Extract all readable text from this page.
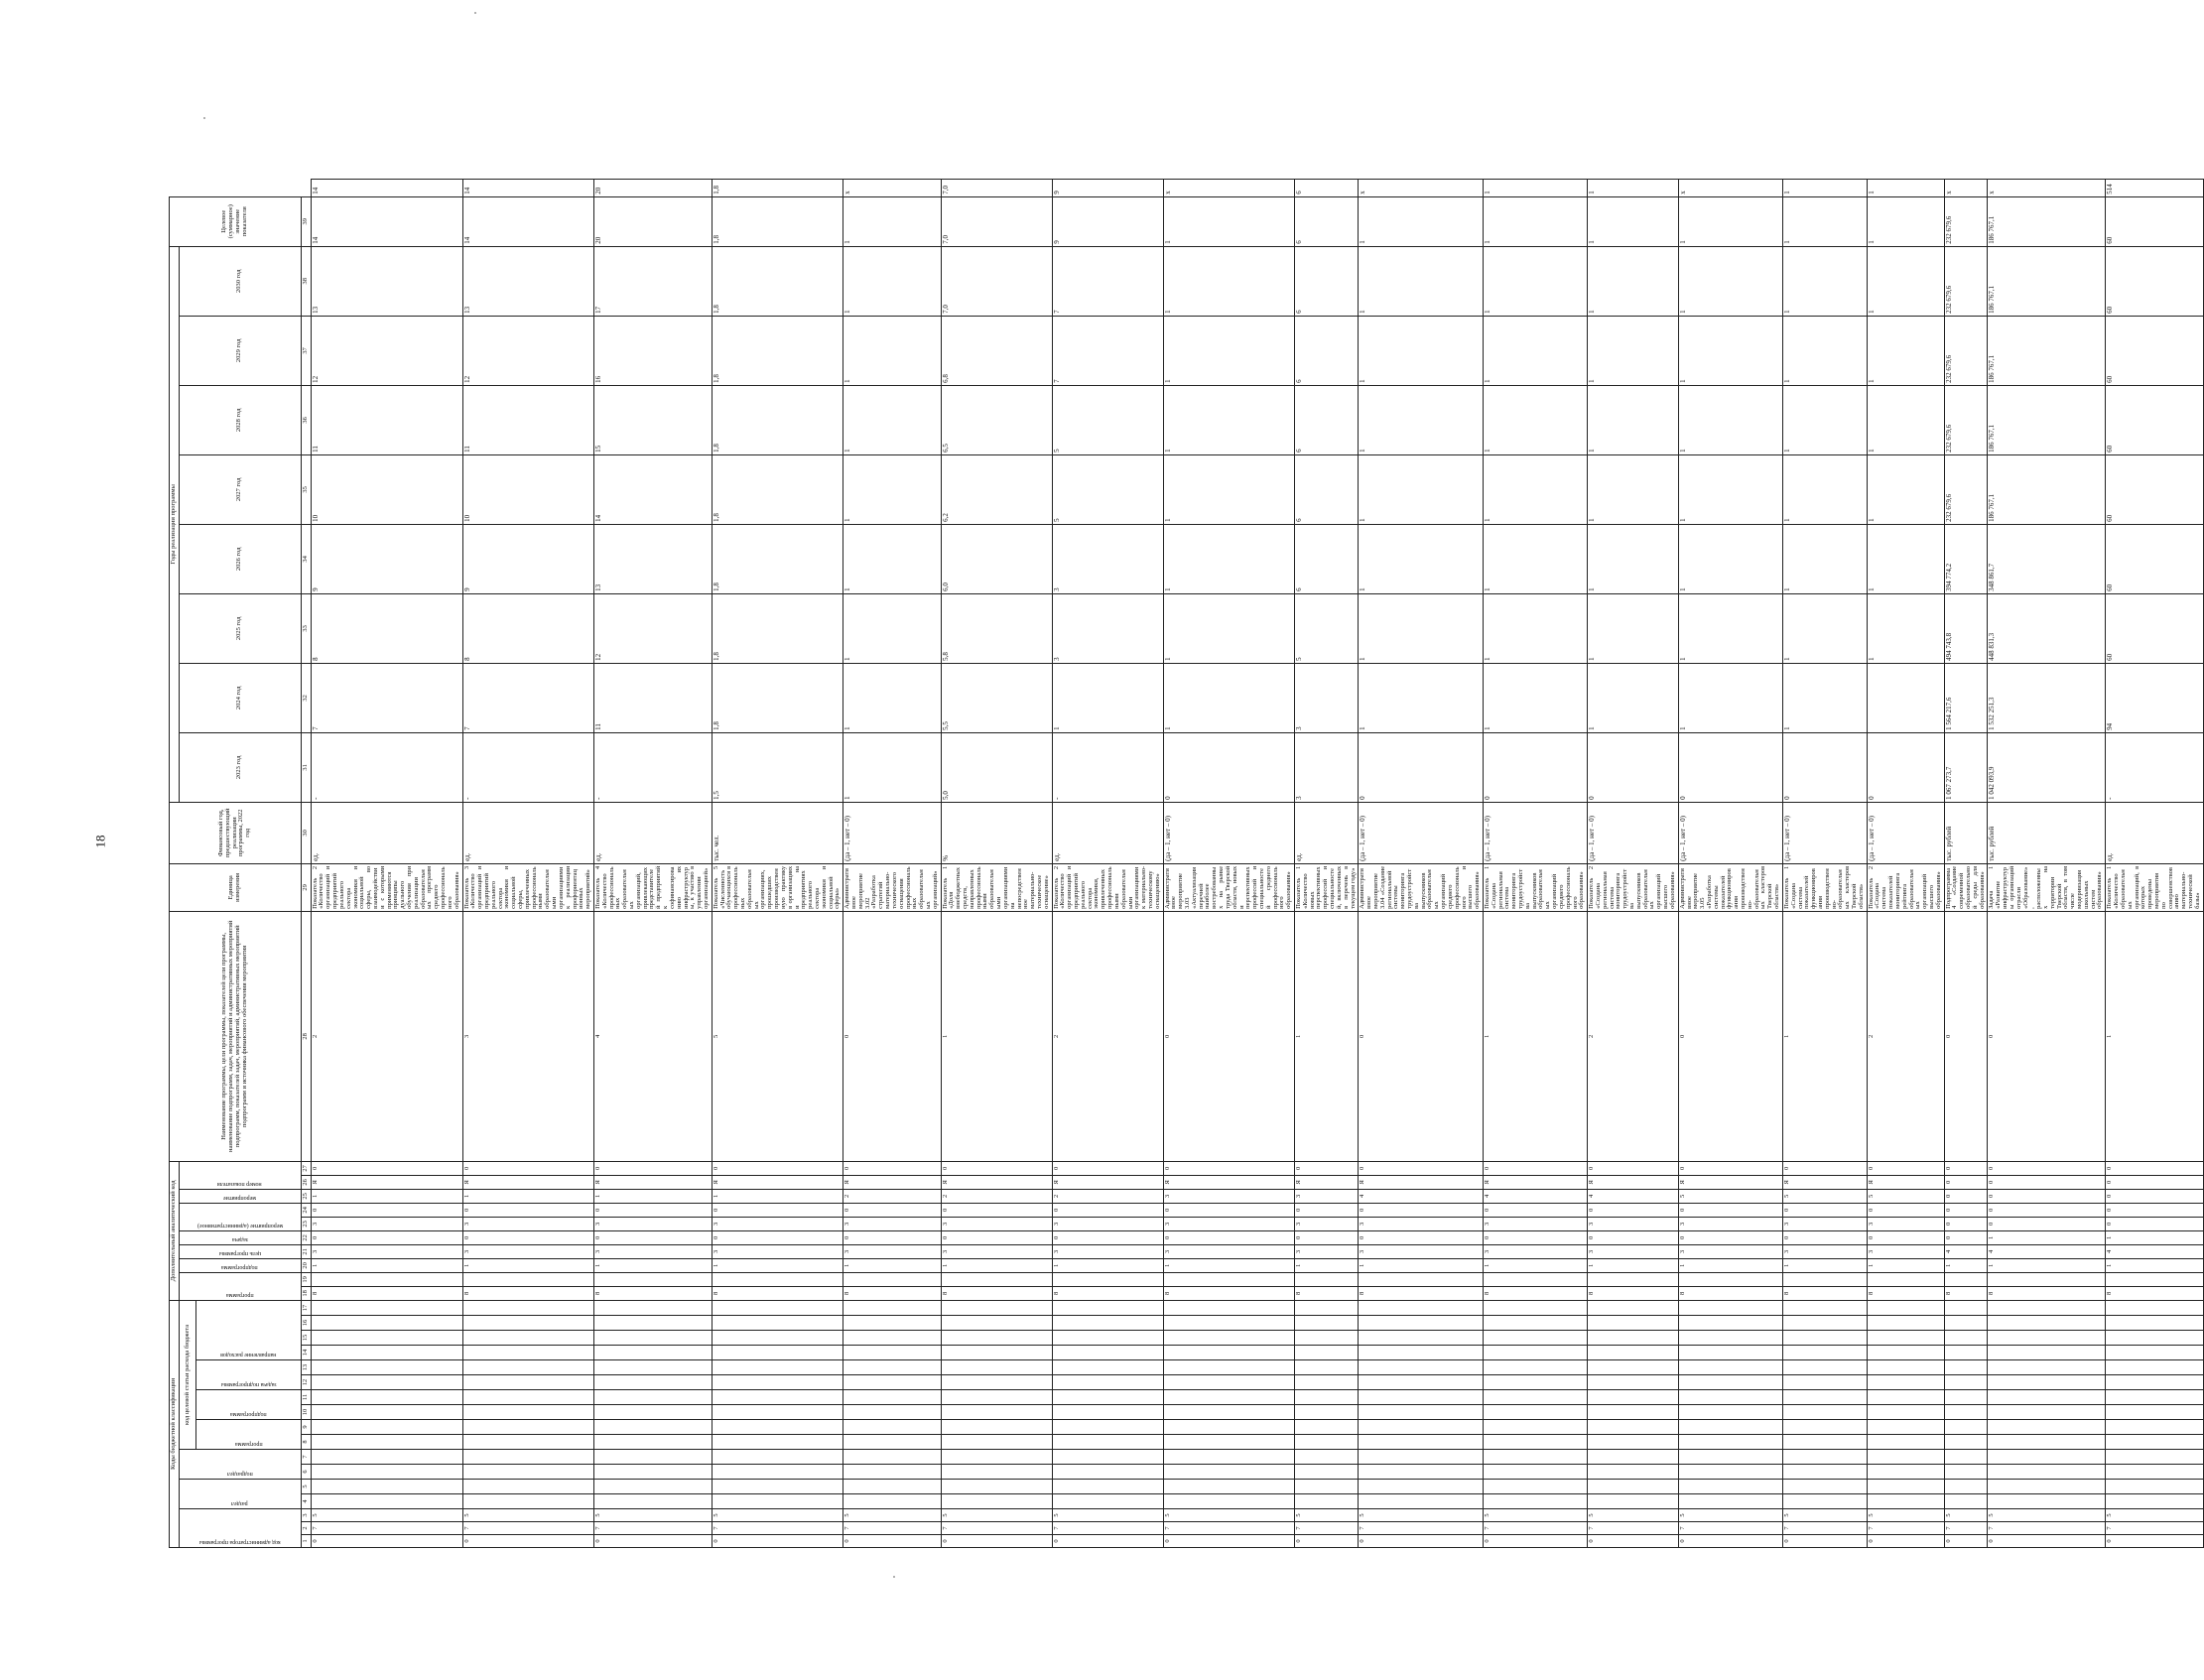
18
Коды бюджетной классификации																	Дополнительный аналитический код										Наименование программы, цели программы, показателей цели программы, наименование подпрограмм, задач, мероприятий и административных мероприятий подпрограмм, показателей задач, мероприятий, административных мероприятий подпрограмм и источника финансового обеспечения мероприятия	Единица измерения	Финансовый год, предшествующий реализации программы, 2022 год	Годы реализации программы								Целевое (суммарное) значение показателя	

код администратора программы			раздел		подраздел		код целевой статьи расхода бюджета										программа		подпрограмма	цель программы	задача	мероприятие (административное)		мероприятие	номер показателя					2023 год	2024 год	2025 год	2026 год	2027 год	2028 год	2029 год	2030 год		

							программа		подпрограмма		задача подпрограммы		направление расходов																										

1	2	3	4	5	6	7	8	9	10	11	12	13	14	15	16	17	18	19	20	21	22	23	24	25	26	27	28	29	30	31	32	33	34	35	36	37	38	39	
0	7	5															8		1	3	0	3	0	1	Я	0	2	Показатель 2 «Количество организаций и предприятий реального сектора экономики и социальной сферы, во взаимодействии с которыми применяются принципы дуального обучения при реализации образовательных программ среднего профессионального образования»	ед.	-	7	8	9	10	11	12	13	14	14
0	7	5															8		1	3	0	3	0	1	Я	0	3	Показатель 3 «Количество организаций и предприятий реального сектора экономики и социальной сферы, привлеченных профессиональными образовательными организациями к реализации профориентационных мероприятий»	ед.	-	7	8	9	10	11	12	13	14	14
0	7	5															8		1	3	0	3	0	1	Я	0	4	Показатель 4 «Количество профессиональных образовательных организаций, привлекающих представителей предприятий к софинансированию их инфраструктуры, к участию в управлении организацией»	ед.	-	11	12	13	14	15	16	17	20	20
0	7	5															8		1	3	0	3	0	1	Я	0	5	Показатель 5 «Численность обучающихся в профессиональных образовательных организациях, прошедших производственную практику в организациях и на предприятиях реального сектора экономики и социальной сферы»	тыс. чел.	1,5	1,8	1,8	1,8	1,8	1,8	1,8	1,8	1,8	1,8
0	7	5															8		1	3	0	3	0	2	Я	0	0	Административное мероприятие 3.02 «Разработка стратегий материально-технического оснащения профессиональных образовательных организаций»	(да – 1, нет – 0)	1	1	1	1	1	1	1	1	1	х
0	7	5															8		1	3	0	3	0	2	Я	0	1	Показатель 1 «Доля внебюджетных средств, направленных профессиональными образовательными организациями на непосредственное материально-техническое оснащение»	%	5,0	5,5	5,8	6,0	6,2	6,5	6,8	7,0	7,0	7,0
0	7	5															8		1	3	0	3	0	2	Я	0	2	Показатель 2 «Количество организаций и предприятий реального сектора экономики, привлеченных профессиональными образовательными организациями к материально-техническому оснащению»	ед.	-	1	3	3	5	5	7	7	9	9
0	7	5															8		1	3	0	3	0	3	Я	0	0	Административное мероприятие 3.03 «Актуализация перечней наиболее востребованных на рынке труда Тверской области, новых и перспективных профессий и специальностей среднего профессионального образования»	(да – 1, нет – 0)	0	1	1	1	1	1	1	1	1	х
0	7	5															8		1	3	0	3	0	3	Я	0	1	Показатель 1 «Количество новых перспективных профессий и специальностей, включенных в перечень в текущем году»	ед.	3	3	5	6	6	6	6	6	6	6
0	7	5															8		1	3	0	3	0	4	Я	0	0	Административное мероприятие 3.04 «Создание региональной системы мониторинга трудоустройства выпускников образовательных организаций среднего профессионального и высшего образования»	(да – 1, нет – 0)	0	1	1	1	1	1	1	1	1	х
0	7	5															8		1	3	0	3	0	4	Я	0	1	Показатель 1 «Создана региональная система мониторинга трудоустройства выпускников образовательных организаций среднего профессионального образования»	(да – 1, нет – 0)	0	1	1	1	1	1	1	1	1	1
0	7	5															8		1	3	0	3	0	4	Я	0	2	Показатель 2 «Создана региональная система мониторинга трудоустройства выпускников образовательных организаций высшего образования»	(да – 1, нет – 0)	0	1	1	1	1	1	1	1	1	1
0	7	5															8		1	3	0	3	0	5	Я	0	0	Административное мероприятие 3.05 «Разработка системы показателей функционирования производственно-образовательных кластеров Тверской области»	(да – 1, нет – 0)	0	1	1	1	1	1	1	1	1	х
0	7	5															8		1	3	0	3	0	5	Я	0	1	Показатель 1 «Создана система показателей функционирования производственно-образовательных кластеров Тверской области»	(да – 1, нет – 0)	0	1	1	1	1	1	1	1	1	1
0	7	5															8		1	3	0	3	0	5	Я	0	2	Показатель 2 «Создана система показателей мониторинга рейтинга образовательных организаций высшего образования»	(да – 1, нет – 0)	0		1	1	1	1	1	1	1	1
0	7	5															8		1	4	0	0	0	0	0	0	0	Подпрограмма 4 «Создание современной образовательной среды для образования»	тыс. рублей	1 067 273,7	1 564 217,6	494 743,8	394 774,2	232 679,6	232 679,6	232 679,6	232 679,6	232 679,6	х
0	7	5															8		1	4	1	0	0	0	0	0	0	Задача 1 «Развитие инфраструктуры организаций отрасли «Образование», расположенных на территории Тверской области, в том числе модернизация школьных систем образования»	тыс. рублей	1 042 093,9	1 532 251,3	448 831,3	348 861,7	186 767,1	186 767,1	186 767,1	186 767,1	186 767,1	х
0	7	5															8		1	4	1	0	0	0	0	0	1	Показатель 1 «Количество образовательных организаций, в которых проведены мероприятия по совершенствованию материально-технической базы»	ед.	-	94	60	60	60	60	60	60	60	514
